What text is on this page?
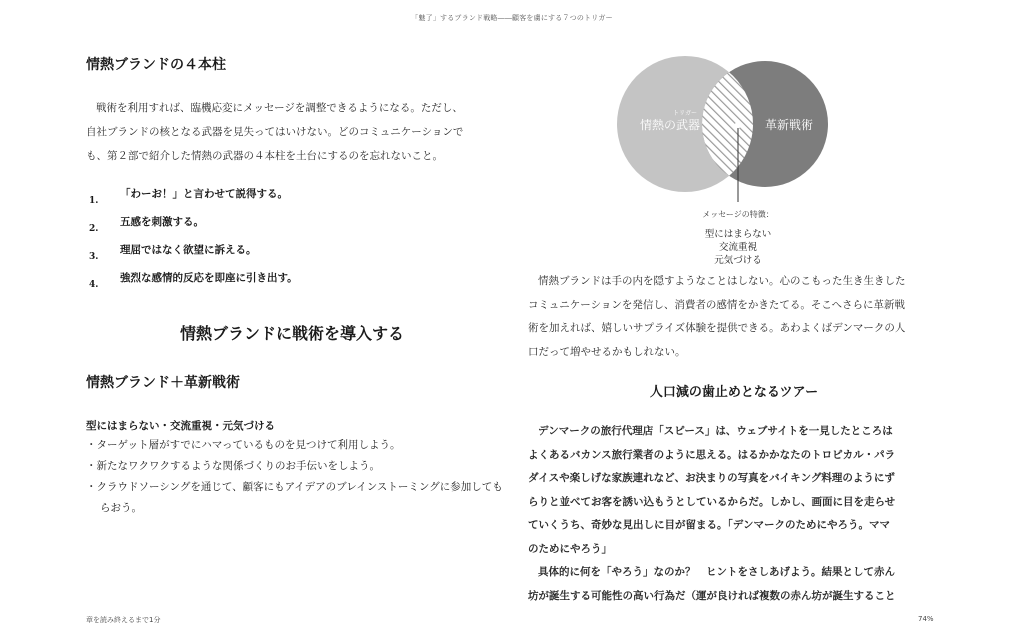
「魅了」するブランド戦略――顧客を虜にする７つのトリガー
情熱ブランドの４本柱

戦術を利用すれば、臨機応変にメッセージを調整できるようになる。ただし、
自社ブランドの核となる武器を見失ってはいけない。どのコミュニケーションで
も、第２部で紹介した情熱の武器の４本柱を土台にするのを忘れないこと。

1.
「わーお！」と言わせて説得する。
2.
五感を刺激する。
3.
理屈ではなく欲望に訴える。
4.
強烈な感情的反応を即座に引き出す。
情熱ブランドに戦術を導入する
情熱ブランド＋革新戦術
型にはまらない・交流重視・元気づける
・ターゲット層がすでにハマっているものを見つけて利用しよう。
・新たなワクワクするような関係づくりのお手伝いをしよう。
・クラウドソーシングを通じて、顧客にもアイデアのブレインストーミングに参加してもらおう。
トリガー
情熱の武器	革新戦術
メッセージの特徴：
型にはまらない
交流重視
元気づける

情熱ブランドは手の内を隠すようなことはしない。心のこもった生き生きした
コミュニケーションを発信し、消費者の感情をかきたてる。そこへさらに革新戦
術を加えれば、嬉しいサプライズ体験を提供できる。あわよくばデンマークの人
口だって増やせるかもしれない。

人口減の歯止めとなるツアー

デンマークの旅行代理店「スピース」は、ウェブサイトを一見したところは
よくあるバカンス旅行業者のように思える。はるかかなたのトロピカル・パラ
ダイスや楽しげな家族連れなど、お決まりの写真をバイキング料理のようにず
らりと並べてお客を誘い込もうとしているからだ。しかし、画面に目を走らせ
ていくうち、奇妙な見出しに目が留まる。「デンマークのためにやろう。ママ
のためにやろう」
具体的に何を「やろう」なのか？　ヒントをさしあげよう。結果として赤ん
坊が誕生する可能性の高い行為だ（運が良ければ複数の赤ん坊が誕生すること

章を読み終えるまで1分	74%
